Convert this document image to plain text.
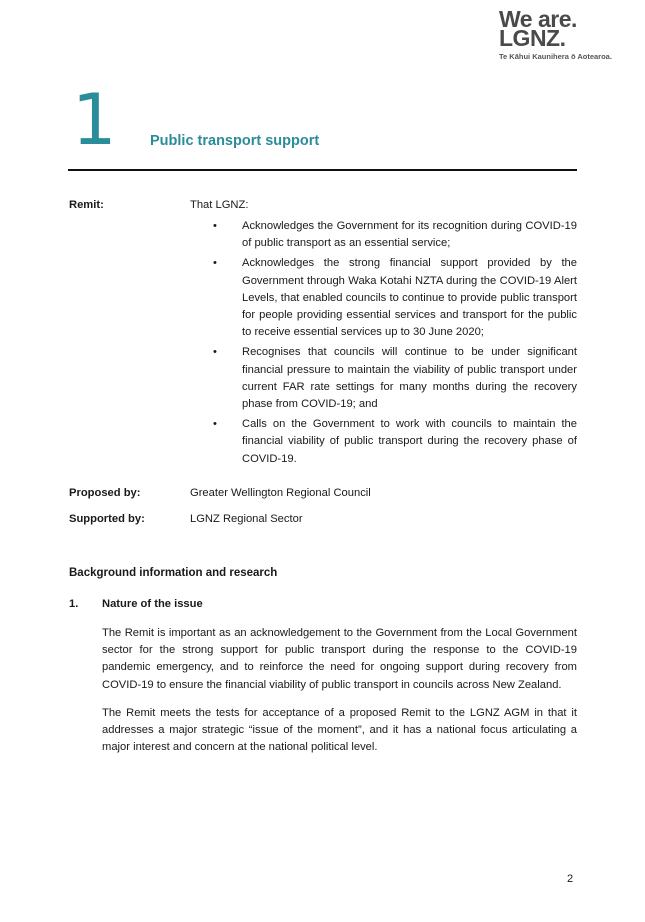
We are.
LGNZ.
Te Kāhui Kaunihera ō Aotearoa.
1 Public transport support
Remit:	That LGNZ:
• Acknowledges the Government for its recognition during COVID-19 of public transport as an essential service;
• Acknowledges the strong financial support provided by the Government through Waka Kotahi NZTA during the COVID-19 Alert Levels, that enabled councils to continue to provide public transport for people providing essential services and transport for the public to receive essential services up to 30 June 2020;
• Recognises that councils will continue to be under significant financial pressure to maintain the viability of public transport under current FAR rate settings for many months during the recovery phase from COVID-19; and
• Calls on the Government to work with councils to maintain the financial viability of public transport during the recovery phase of COVID-19.
Proposed by:	Greater Wellington Regional Council
Supported by:	LGNZ Regional Sector
Background information and research
1. Nature of the issue

The Remit is important as an acknowledgement to the Government from the Local Government sector for the strong support for public transport during the response to the COVID-19 pandemic emergency, and to reinforce the need for ongoing support during recovery from COVID-19 to ensure the financial viability of public transport in councils across New Zealand.

The Remit meets the tests for acceptance of a proposed Remit to the LGNZ AGM in that it addresses a major strategic “issue of the moment”, and it has a national focus articulating a major interest and concern at the national political level.

2
